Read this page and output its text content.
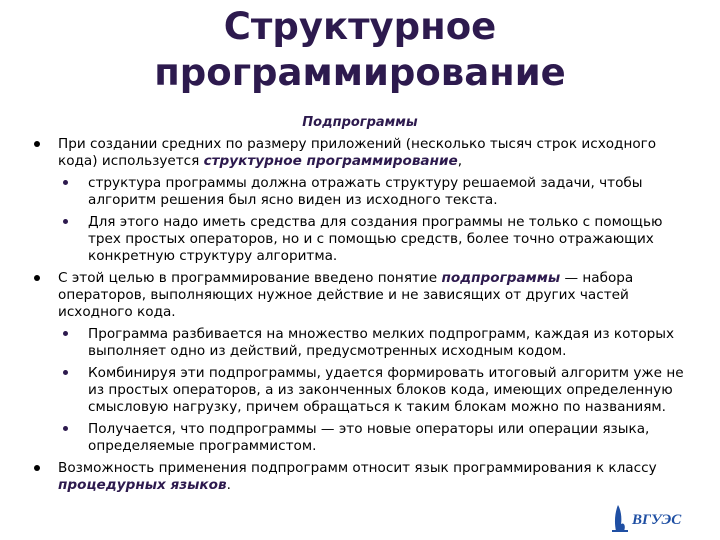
Структурное
программирование
Подпрограммы
При создании средних по размеру приложений (несколько тысяч строк исходного кода) используется структурное программирование,
структура программы должна отражать структуру решаемой задачи, чтобы алгоритм решения был ясно виден из исходного текста.
Для этого надо иметь средства для создания программы не только с помощью трех простых операторов, но и с помощью средств, более точно отражающих конкретную структуру алгоритма.
С этой целью в программирование введено понятие подпрограммы — набора операторов, выполняющих нужное действие и не зависящих от других частей исходного кода.
Программа разбивается на множество мелких подпрограмм, каждая из которых выполняет одно из действий, предусмотренных исходным кодом.
Комбинируя эти подпрограммы, удается формировать итоговый алгоритм уже не из простых операторов, а из законченных блоков кода, имеющих определенную смысловую нагрузку, причем обращаться к таким блокам можно по названиям.
Получается, что подпрограммы — это новые операторы или операции языка, определяемые программистом.
Возможность применения подпрограмм относит язык программирования к классу процедурных языков.
ВГУЭС
